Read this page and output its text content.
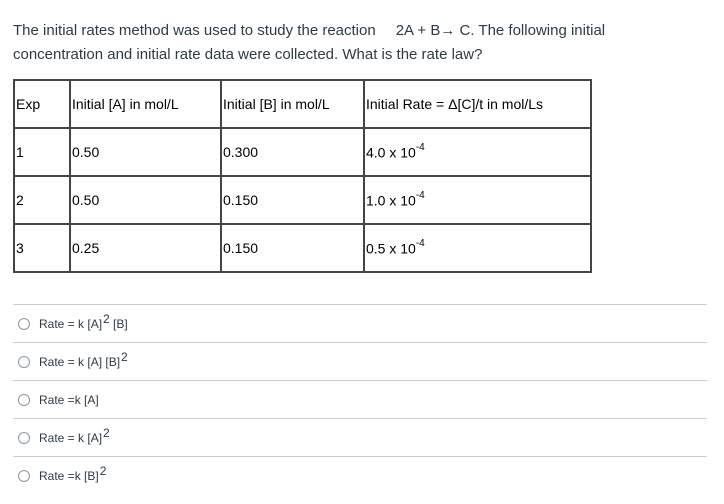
The initial rates method was used to study the reaction 2A + B→ C. The following initial
concentration and initial rate data were collected. What is the rate law?
Exp	Initial [A] in mol/L	Initial [B] in mol/L	Initial Rate = Δ[C]/t in mol/Ls
1	0.50	0.300	4.0 x $10^{-4}$
2	0.50	0.150	1.0 x $10^{-4}$
3	0.25	0.150	0.5 x $10^{-4}$
Rate = k [A]2 [B]
Rate = k [A] [B]2
Rate =k [A]
Rate = k [A]2
Rate =k [B]2
